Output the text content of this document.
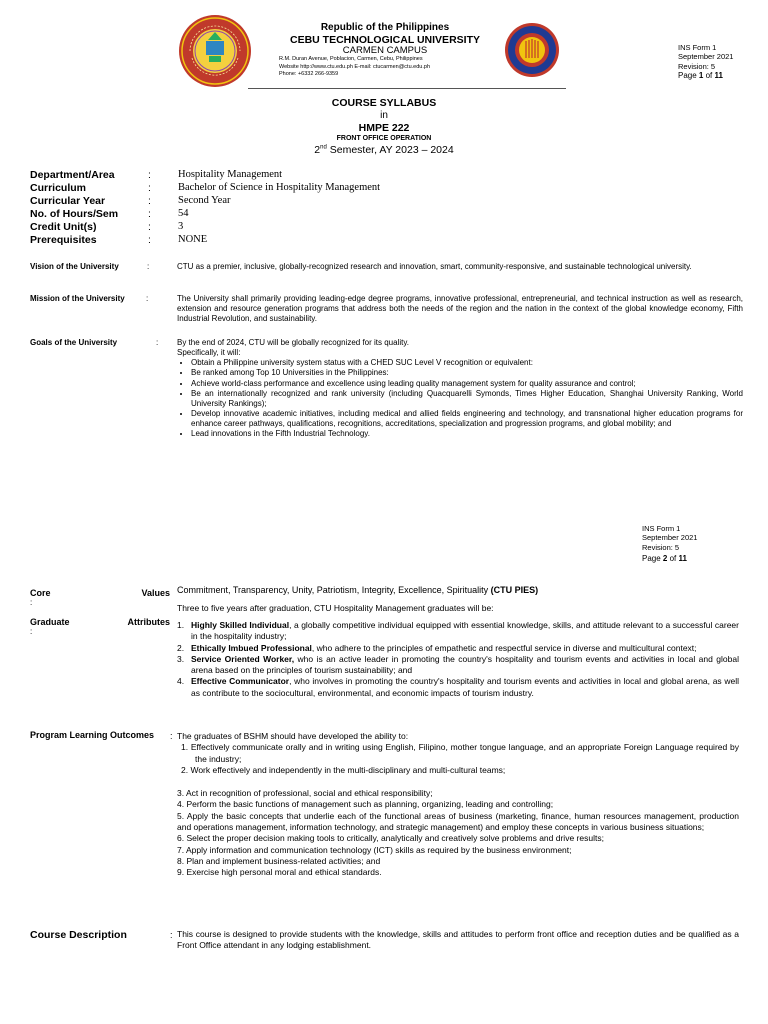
Republic of the Philippines
CEBU TECHNOLOGICAL UNIVERSITY
CARMEN CAMPUS
R.M. Duran Avenue, Poblacion, Carmen, Cebu, Philippines
Website http://www.ctu.edu.ph E-mail: ctucarmen@ctu.edu.ph
Phone: +6332 266-9359
INS Form 1
September 2021
Revision: 5
Page 1 of 11
COURSE SYLLABUS
in
HMPE 222
FRONT OFFICE OPERATION
2nd Semester, AY 2023 – 2024
Department/Area	:	Hospitality Management
Curriculum	:	Bachelor of Science in Hospitality Management
Curricular Year	:	Second Year
No. of Hours/Sem	:	54
Credit Unit(s)	:	3
Prerequisites	:	NONE
Vision of the University	:	CTU as a premier, inclusive, globally-recognized research and innovation, smart, community-responsive, and sustainable technological university.
Mission of the University	:	The University shall primarily providing leading-edge degree programs, innovative professional, entrepreneurial, and technical instruction as well as research, extension and resource generation programs that address both the needs of the region and the nation in the context of the global knowledge economy, Fifth Industrial Revolution, and sustainability.
Goals of the University	: By the end of 2024, CTU will be globally recognized for its quality.
Specifically, it will:
• Obtain a Philippine university system status with a CHED SUC Level V recognition or equivalent:
• Be ranked among Top 10 Universities in the Philippines:
• Achieve world-class performance and excellence using leading quality management system for quality assurance and control;
• Be an internationally recognized and rank university (including Quacquarelli Symonds, Times Higher Education, Shanghai University Ranking, World University Rankings);
• Develop innovative academic initiatives, including medical and allied fields engineering and technology, and transnational higher education programs for enhance career pathways, qualifications, recognitions, accreditations, specialization and progression programs, and global mobility; and
• Lead innovations in the Fifth Industrial Technology.
INS Form 1
September 2021
Revision: 5
Page 2 of 11
Core	Values
:
Commitment, Transparency, Unity, Patriotism, Integrity, Excellence, Spirituality (CTU PIES)
Three to five years after graduation, CTU Hospitality Management graduates will be:
Graduate	Attributes
:
1. Highly Skilled Individual, a globally competitive individual equipped with essential knowledge, skills, and attitude relevant to a successful career in the hospitality industry;
2. Ethically Imbued Professional, who adhere to the principles of empathetic and respectful service in diverse and multicultural context;
3. Service Oriented Worker, who is an active leader in promoting the country's hospitality and tourism events and activities in local and global arena based on the principles of tourism sustainability; and
4. Effective Communicator, who involves in promoting the country's hospitality and tourism events and activities in local and global arena, as well as contribute to the sociocultural, environmental, and economic impacts of tourism industry.
Program Learning Outcomes : The graduates of BSHM should have developed the ability to:
1. Effectively communicate orally and in writing using English, Filipino, mother tongue language, and an appropriate Foreign Language required by the industry;
2. Work effectively and independently in the multi-disciplinary and multi-cultural teams;
3. Act in recognition of professional, social and ethical responsibility;
4. Perform the basic functions of management such as planning, organizing, leading and controlling;
5. Apply the basic concepts that underlie each of the functional areas of business (marketing, finance, human resources management, production and operations management, information technology, and strategic management) and employ these concepts in various business situations;
6. Select the proper decision making tools to critically, analytically and creatively solve problems and drive results;
7. Apply information and communication technology (ICT) skills as required by the business environment;
8. Plan and implement business-related activities; and
9. Exercise high personal moral and ethical standards.
Course Description	: This course is designed to provide students with the knowledge, skills and attitudes to perform front office and reception duties and be qualified as a Front Office attendant in any lodging establishment.
